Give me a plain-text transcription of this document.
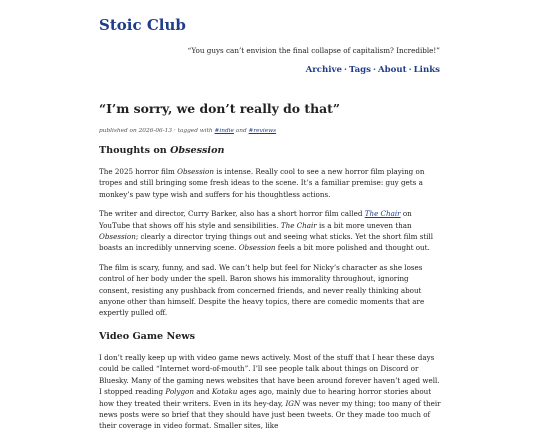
Stoic Club

“You guys can’t envision the final collapse of capitalism? Incredible!”

Archive · Tags · About · Links
“I’m sorry, we don’t really do that”

published on 2026-06-13 · tagged with #indie and #reviews

Thoughts on Obsession

The 2025 horror film Obsession is intense. Really cool to see a new horror film playing on tropes and still bringing some fresh ideas to the scene. It’s a familiar premise: guy gets a monkey’s paw type wish and suffers for his thoughtless actions.

The writer and director, Curry Barker, also has a short horror film called The Chair on YouTube that shows off his style and sensibilities. The Chair is a bit more uneven than Obsession; clearly a director trying things out and seeing what sticks. Yet the short film still boasts an incredibly unnerving scene. Obsession feels a bit more polished and thought out.

The film is scary, funny, and sad. We can’t help but feel for Nicky’s character as she loses control of her body under the spell. Baron shows his immorality throughout, ignoring consent, resisting any pushback from concerned friends, and never really thinking about anyone other than himself. Despite the heavy topics, there are comedic moments that are expertly pulled off.

Video Game News

I don’t really keep up with video game news actively. Most of the stuff that I hear these days could be called “Internet word-of-mouth”. I’ll see people talk about things on Discord or Bluesky. Many of the gaming news websites that have been around forever haven’t aged well. I stopped reading Polygon and Kotaku ages ago, mainly due to hearing horror stories about how they treated their writers. Even in its hey-day, IGN was never my thing; too many of their news posts were so brief that they should have just been tweets. Or they made too much of their coverage in video format. Smaller sites, like
